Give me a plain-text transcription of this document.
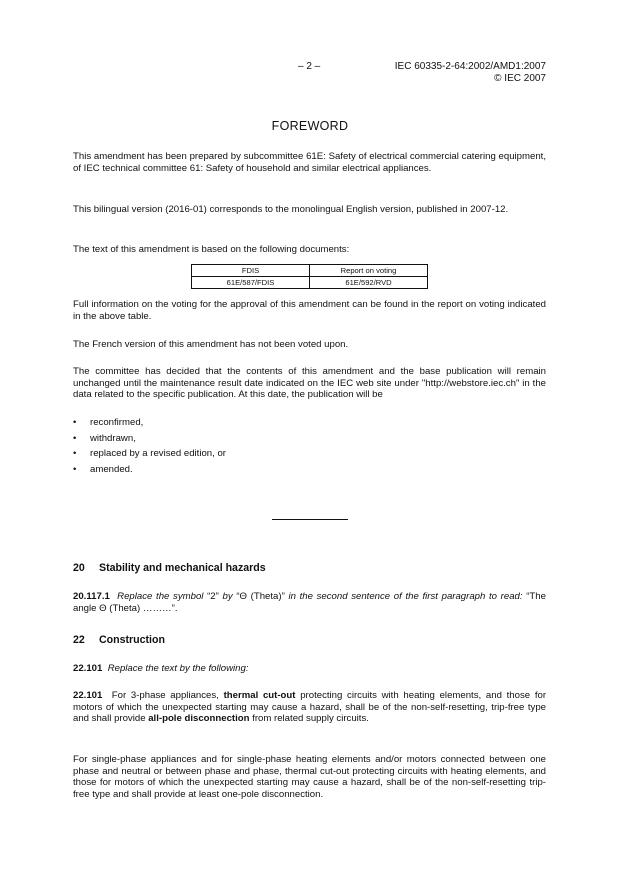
– 2 –	IEC 60335-2-64:2002/AMD1:2007
© IEC 2007
FOREWORD
This amendment has been prepared by subcommittee 61E: Safety of electrical commercial catering equipment, of IEC technical committee 61: Safety of household and similar electrical appliances.
This bilingual version (2016-01) corresponds to the monolingual English version, published in 2007-12.
The text of this amendment is based on the following documents:
FDIS	Report on voting
61E/587/FDIS	61E/592/RVD
Full information on the voting for the approval of this amendment can be found in the report on voting indicated in the above table.
The French version of this amendment has not been voted upon.
The committee has decided that the contents of this amendment and the base publication will remain unchanged until the maintenance result date indicated on the IEC web site under "http://webstore.iec.ch" in the data related to the specific publication. At this date, the publication will be
• reconfirmed,
• withdrawn,
• replaced by a revised edition, or
• amended.
20 Stability and mechanical hazards
20.117.1 Replace the symbol “2” by “Θ (Theta)” in the second sentence of the first paragraph to read: “The angle Θ (Theta) ………”.
22 Construction
22.101 Replace the text by the following:
22.101 For 3-phase appliances, thermal cut-out protecting circuits with heating elements, and those for motors of which the unexpected starting may cause a hazard, shall be of the non-self-resetting, trip-free type and shall provide all-pole disconnection from related supply circuits.
For single-phase appliances and for single-phase heating elements and/or motors connected between one phase and neutral or between phase and phase, thermal cut-out protecting circuits with heating elements, and those for motors of which the unexpected starting may cause a hazard, shall be of the non-self-resetting trip-free type and shall provide at least one-pole disconnection.
